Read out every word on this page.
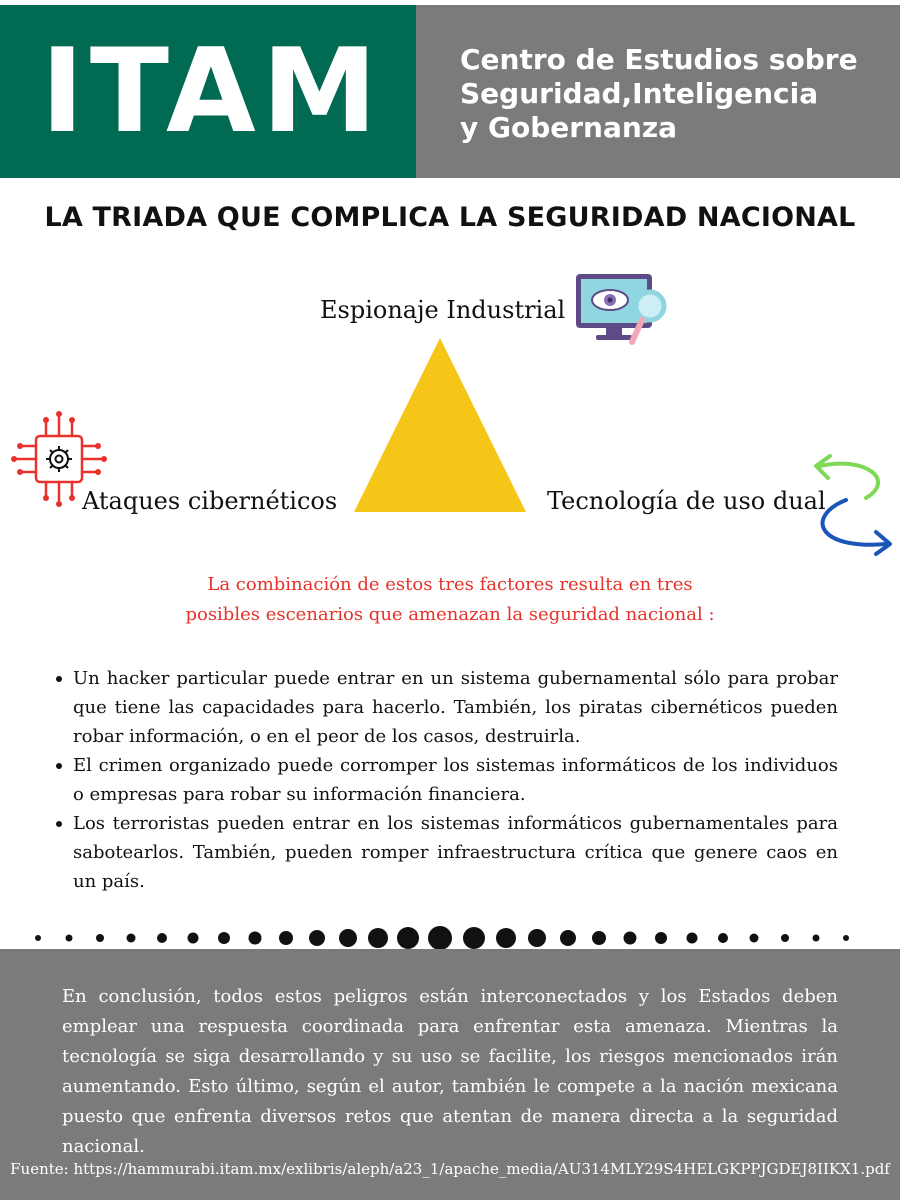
ITAM	Centro de Estudios sobre
Seguridad,Inteligencia
y Gobernanza
LA TRIADA QUE COMPLICA LA SEGURIDAD NACIONAL
Espionaje Industrial
Ataques cibernéticos	Tecnología de uso dual
La combinación de estos tres factores resulta en tres
posibles escenarios que amenazan la seguridad nacional :
Un hacker particular puede entrar en un sistema gubernamental sólo para probar que tiene las capacidades para hacerlo. También, los piratas cibernéticos pueden robar información, o en el peor de los casos, destruirla.
El crimen organizado puede corromper los sistemas informáticos de los individuos o empresas para robar su información financiera.
Los terroristas pueden entrar en los sistemas informáticos gubernamentales para sabotearlos. También, pueden romper infraestructura crítica que genere caos en un país.
En conclusión, todos estos peligros están interconectados y los Estados deben emplear una respuesta coordinada para enfrentar esta amenaza. Mientras la tecnología se siga desarrollando y su uso se facilite, los riesgos mencionados irán aumentando. Esto último, según el autor, también le compete a la nación mexicana puesto que enfrenta diversos retos que atentan de manera directa a la seguridad nacional.
Fuente: https://hammurabi.itam.mx/exlibris/aleph/a23_1/apache_media/AU314MLY29S4HELGKPPJGDEJ8IIKX1.pdf
